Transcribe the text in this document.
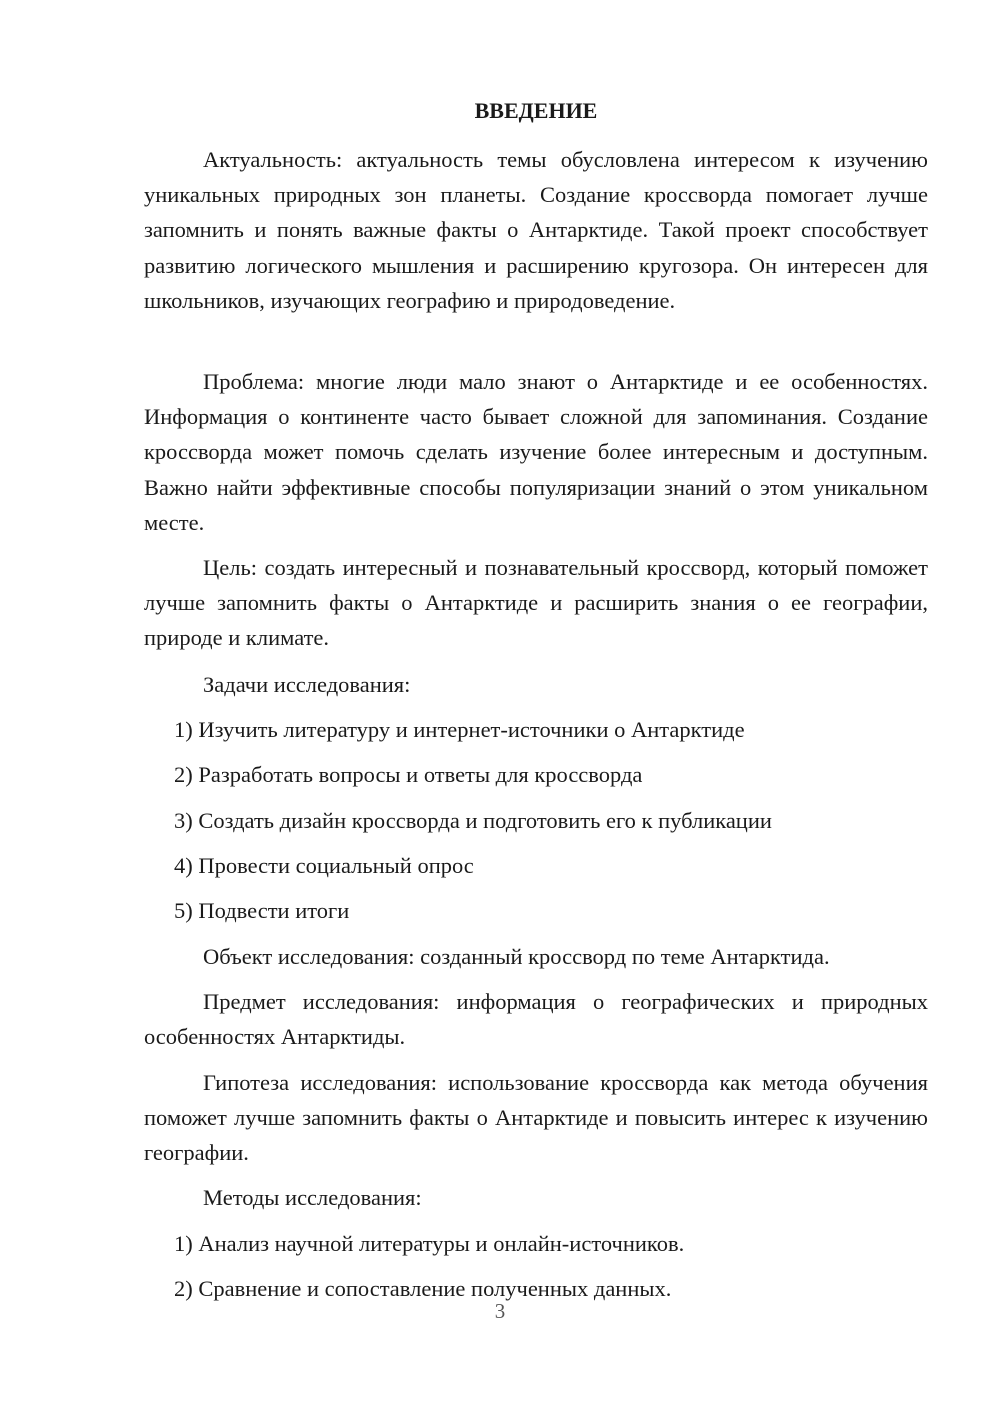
ВВЕДЕНИЕ

Актуальность: актуальность темы обусловлена интересом к изучению уникальных природных зон планеты. Создание кроссворда помогает лучше запомнить и понять важные факты о Антарктиде. Такой проект способствует развитию логического мышления и расширению кругозора. Он интересен для школьников, изучающих географию и природоведение.

Проблема: многие люди мало знают о Антарктиде и ее особенностях. Информация о континенте часто бывает сложной для запоминания. Создание кроссворда может помочь сделать изучение более интересным и доступным. Важно найти эффективные способы популяризации знаний о этом уникальном месте.

Цель: создать интересный и познавательный кроссворд, который поможет лучше запомнить факты о Антарктиде и расширить знания о ее географии, природе и климате.

Задачи исследования:

1) Изучить литературу и интернет-источники о Антарктиде

2) Разработать вопросы и ответы для кроссворда

3) Создать дизайн кроссворда и подготовить его к публикации

4) Провести социальный опрос

5) Подвести итоги

Объект исследования: созданный кроссворд по теме Антарктида.

Предмет исследования: информация о географических и природных особенностях Антарктиды.

Гипотеза исследования: использование кроссворда как метода обучения поможет лучше запомнить факты о Антарктиде и повысить интерес к изучению географии.

Методы исследования:

1) Анализ научной литературы и онлайн-источников.

2) Сравнение и сопоставление полученных данных.

3
